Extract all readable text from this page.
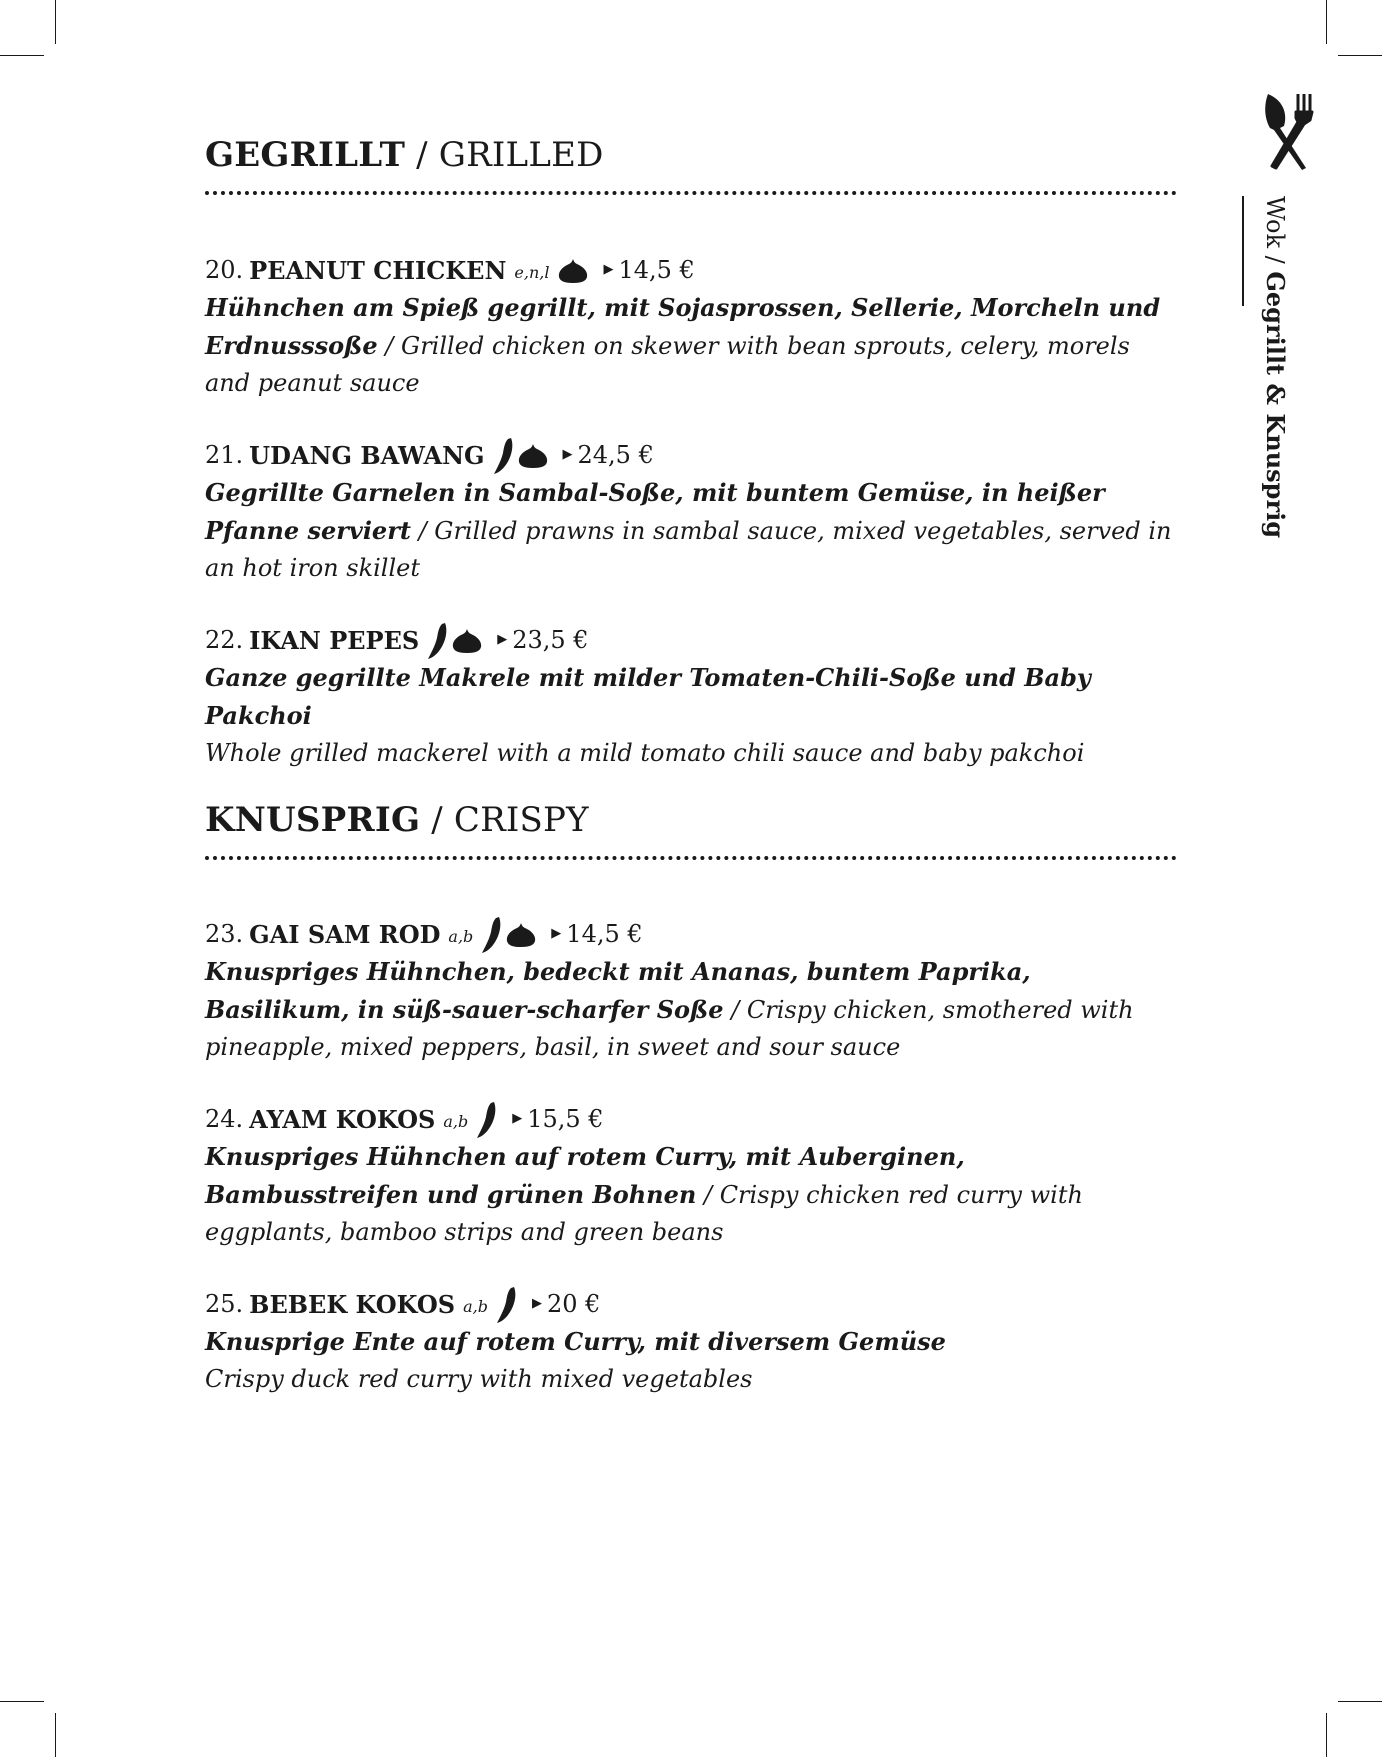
Wok / Gegrillt & Knusprig
GEGRILLT / GRILLED
20. PEANUT CHICKEN e,n,l	▶ 14,5 €
Hühnchen am Spieß gegrillt, mit Sojasprossen, Sellerie, Morcheln und Erdnusssoße / Grilled chicken on skewer with bean sprouts, celery, morels and peanut sauce
21. UDANG BAWANG	▶ 24,5 €
Gegrillte Garnelen in Sambal-Soße, mit buntem Gemüse, in heißer Pfanne serviert / Grilled prawns in sambal sauce, mixed vegetables, served in an hot iron skillet
22. IKAN PEPES	▶ 23,5 €
Ganze gegrillte Makrele mit milder Tomaten-Chili-Soße und Baby Pakchoi
Whole grilled mackerel with a mild tomato chili sauce and baby pakchoi
KNUSPRIG / CRISPY
23. GAI SAM ROD a,b	▶ 14,5 €
Knuspriges Hühnchen, bedeckt mit Ananas, buntem Paprika, Basilikum, in süß-sauer-scharfer Soße / Crispy chicken, smothered with pineapple, mixed peppers, basil, in sweet and sour sauce
24. AYAM KOKOS a,b	▶ 15,5 €
Knuspriges Hühnchen auf rotem Curry, mit Auberginen, Bambusstreifen und grünen Bohnen / Crispy chicken red curry with eggplants, bamboo strips and green beans
25. BEBEK KOKOS a,b	▶ 20 €
Knusprige Ente auf rotem Curry, mit diversem Gemüse
Crispy duck red curry with mixed vegetables
